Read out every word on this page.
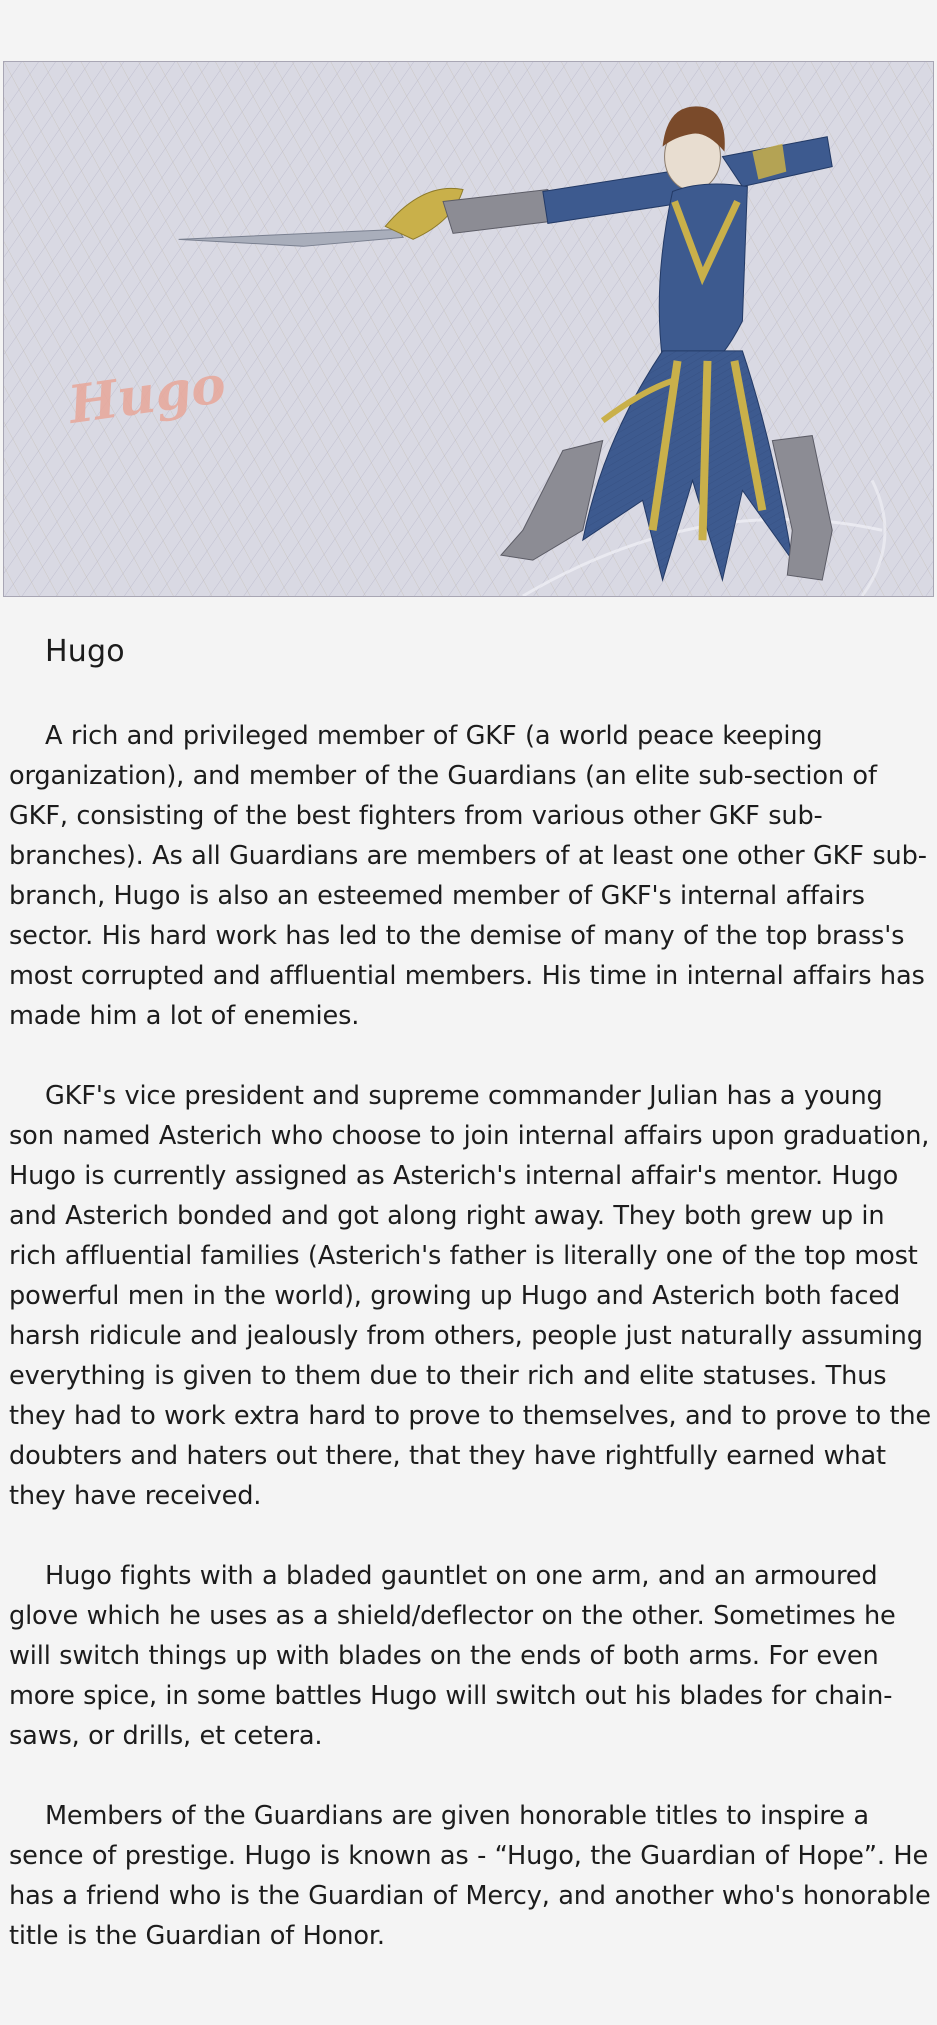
Hugo
Hugo

A rich and privileged member of GKF (a world peace keeping organization), and member of the Guardians (an elite sub-section of GKF, consisting of the best fighters from various other GKF sub-branches). As all Guardians are members of at least one other GKF sub-branch, Hugo is also an esteemed member of GKF's internal affairs sector. His hard work has led to the demise of many of the top brass's most corrupted and affluential members. His time in internal affairs has made him a lot of enemies.

GKF's vice president and supreme commander Julian has a young son named Asterich who choose to join internal affairs upon graduation, Hugo is currently assigned as Asterich's internal affair's mentor. Hugo and Asterich bonded and got along right away. They both grew up in rich affluential families (Asterich's father is literally one of the top most powerful men in the world), growing up Hugo and Asterich both faced harsh ridicule and jealously from others, people just naturally assuming everything is given to them due to their rich and elite statuses. Thus they had to work extra hard to prove to themselves, and to prove to the doubters and haters out there, that they have rightfully earned what they have received.

Hugo fights with a bladed gauntlet on one arm, and an armoured glove which he uses as a shield/deflector on the other. Sometimes he will switch things up with blades on the ends of both arms. For even more spice, in some battles Hugo will switch out his blades for chain-saws, or drills, et cetera.

Members of the Guardians are given honorable titles to inspire a sence of prestige. Hugo is known as - “Hugo, the Guardian of Hope”. He has a friend who is the Guardian of Mercy, and another who's honorable title is the Guardian of Honor.
